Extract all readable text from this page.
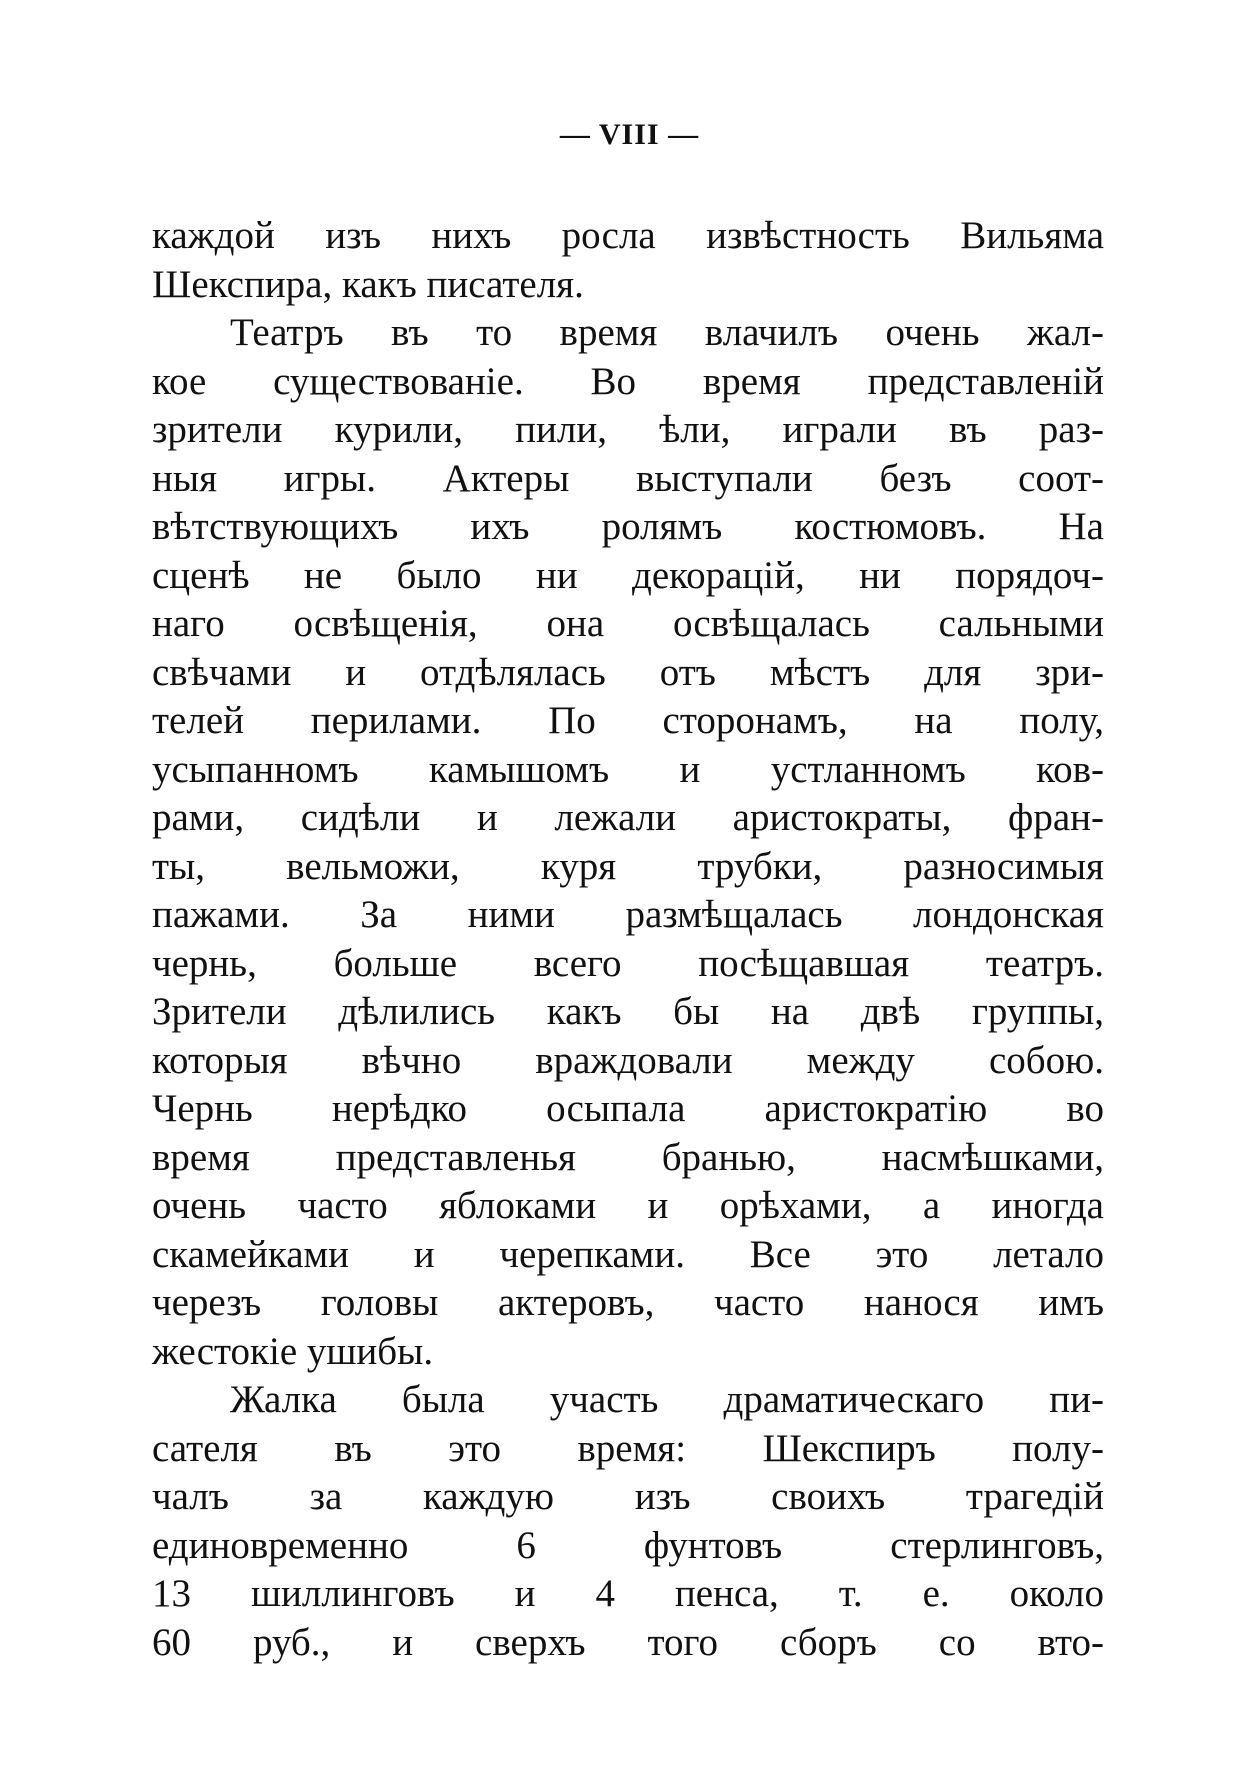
— VIII —
каждой изъ нихъ росла извѣстность Вильяма
Шекспира, какъ писателя.
Театръ въ то время влачилъ очень жал-
кое существованіе. Во время представленій
зрители курили, пили, ѣли, играли въ раз-
ныя игры. Актеры выступали безъ соот-
вѣтствующихъ ихъ ролямъ костюмовъ. На
сценѣ не было ни декорацій, ни порядоч-
наго освѣщенія, она освѣщалась сальными
свѣчами и отдѣлялась отъ мѣстъ для зри-
телей перилами. По сторонамъ, на полу,
усыпанномъ камышомъ и устланномъ ков-
рами, сидѣли и лежали аристократы, фран-
ты, вельможи, куря трубки, разносимыя
пажами. За ними размѣщалась лондонская
чернь, больше всего посѣщавшая театръ.
Зрители дѣлились какъ бы на двѣ группы,
которыя вѣчно враждовали между собою.
Чернь нерѣдко осыпала аристократію во
время представленья бранью, насмѣшками,
очень часто яблоками и орѣхами, а иногда
скамейками и черепками. Все это летало
черезъ головы актеровъ, часто нанося имъ
жестокіе ушибы.
Жалка была участь драматическаго пи-
сателя въ это время: Шекспиръ полу-
чалъ за каждую изъ своихъ трагедій
единовременно 6 фунтовъ стерлинговъ,
13 шиллинговъ и 4 пенса, т. е. около
60 руб., и сверхъ того сборъ со вто-
